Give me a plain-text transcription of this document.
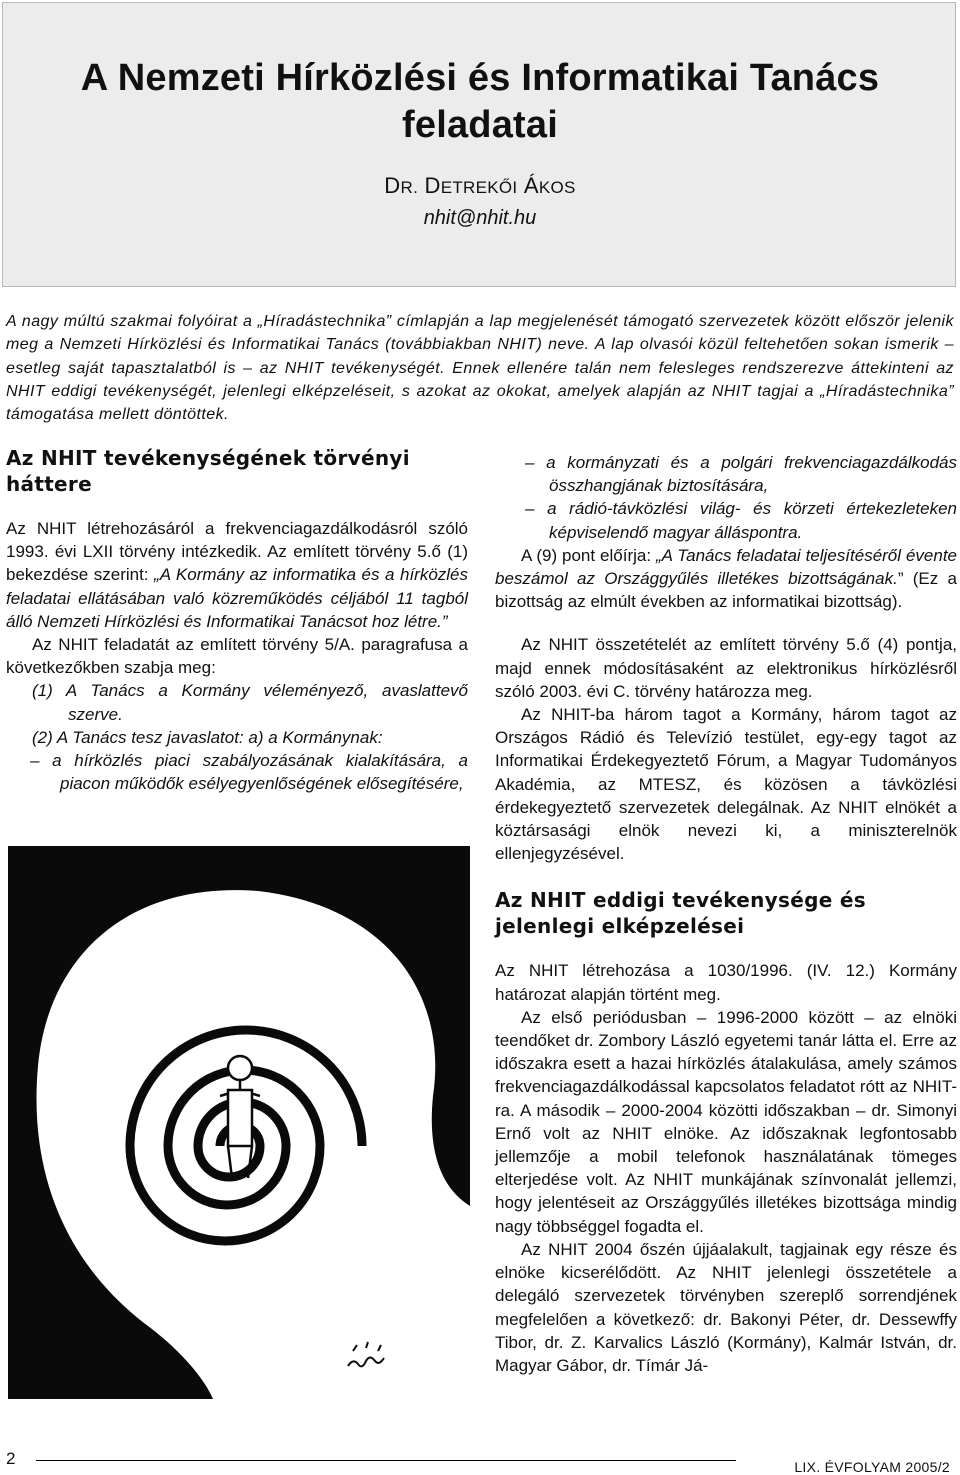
A Nemzeti Hírközlési és Informatikai Tanács
feladatai
DR. DETREKŐI ÁKOS
nhit@nhit.hu

A nagy múltú szakmai folyóirat a „Híradástechnika” címlapján a lap megjelenését támogató szervezetek között először jelenik meg a Nemzeti Hírközlési és Informatikai Tanács (továbbiakban NHIT) neve. A lap olvasói közül feltehetően sokan ismerik – esetleg saját tapasztalatból is – az NHIT tevékenységét. Ennek ellenére talán nem felesleges rendszerezve áttekinteni az NHIT eddigi tevékenységét, jelenlegi elképzeléseit, s azokat az okokat, amelyek alapján az NHIT tagjai a „Híradástechnika” támogatása mellett döntöttek.

Az NHIT tevékenységének törvényi háttere

Az NHIT létrehozásáról a frekvenciagazdálkodásról szóló 1993. évi LXII törvény intézkedik. Az említett törvény 5.ő (1) bekezdése szerint: „A Kormány az informatika és a hírközlés feladatai ellátásában való közreműködés céljából 11 tagból álló Nemzeti Hírközlési és Informatikai Tanácsot hoz létre.”

Az NHIT feladatát az említett törvény 5/A. paragrafusa a következőkben szabja meg:

(1) A Tanács a Kormány véleményező, avaslattevő szerve.

(2) A Tanács tesz javaslatot: a) a Kormánynak:

– a hírközlés piaci szabályozásának kialakítására, a piacon működők esélyegyenlőségének elősegítésére,

– a kormányzati és a polgári frekvenciagazdálkodás összhangjának biztosítására,

– a rádió-távközlési világ- és körzeti értekezleteken képviselendő magyar álláspontra.

A (9) pont előírja: „A Tanács feladatai teljesítéséről évente beszámol az Országgyűlés illetékes bizottságának.” (Ez a bizottság az elmúlt években az informatikai bizottság).

Az NHIT összetételét az említett törvény 5.ő (4) pontja, majd ennek módosításaként az elektronikus hírközlésről szóló 2003. évi C. törvény határozza meg.

Az NHIT-ba három tagot a Kormány, három tagot az Országos Rádió és Televízió testület, egy-egy tagot az Informatikai Érdekegyeztető Fórum, a Magyar Tudományos Akadémia, az MTESZ, és közösen a távközlési érdekegyeztető szervezetek delegálnak. Az NHIT elnökét a köztársasági elnök nevezi ki, a miniszterelnök ellenjegyzésével.

Az NHIT eddigi tevékenysége és jelenlegi elképzelései

Az NHIT létrehozása a 1030/1996. (IV. 12.) Kormány határozat alapján történt meg.

Az első periódusban – 1996-2000 között – az elnöki teendőket dr. Zombory László egyetemi tanár látta el. Erre az időszakra esett a hazai hírközlés átalakulása, amely számos frekvenciagazdálkodással kapcsolatos feladatot rótt az NHIT-ra. A második – 2000-2004 közötti időszakban – dr. Simonyi Ernő volt az NHIT elnöke. Az időszaknak legfontosabb jellemzője a mobil telefonok használatának tömeges elterjedése volt. Az NHIT munkájának színvonalát jellemzi, hogy jelentéseit az Országgyűlés illetékes bizottsága mindig nagy többséggel fogadta el.

Az NHIT 2004 őszén újjáalakult, tagjainak egy része és elnöke kicserélődött. Az NHIT jelenlegi összetétele a delegáló szervezetek törvényben szereplő sorrendjének megfelelően a következő: dr. Bakonyi Péter, dr. Dessewffy Tibor, dr. Z. Karvalics László (Kormány), Kalmár István, dr. Magyar Gábor, dr. Tímár Já-

2	LIX. ÉVFOLYAM 2005/2
